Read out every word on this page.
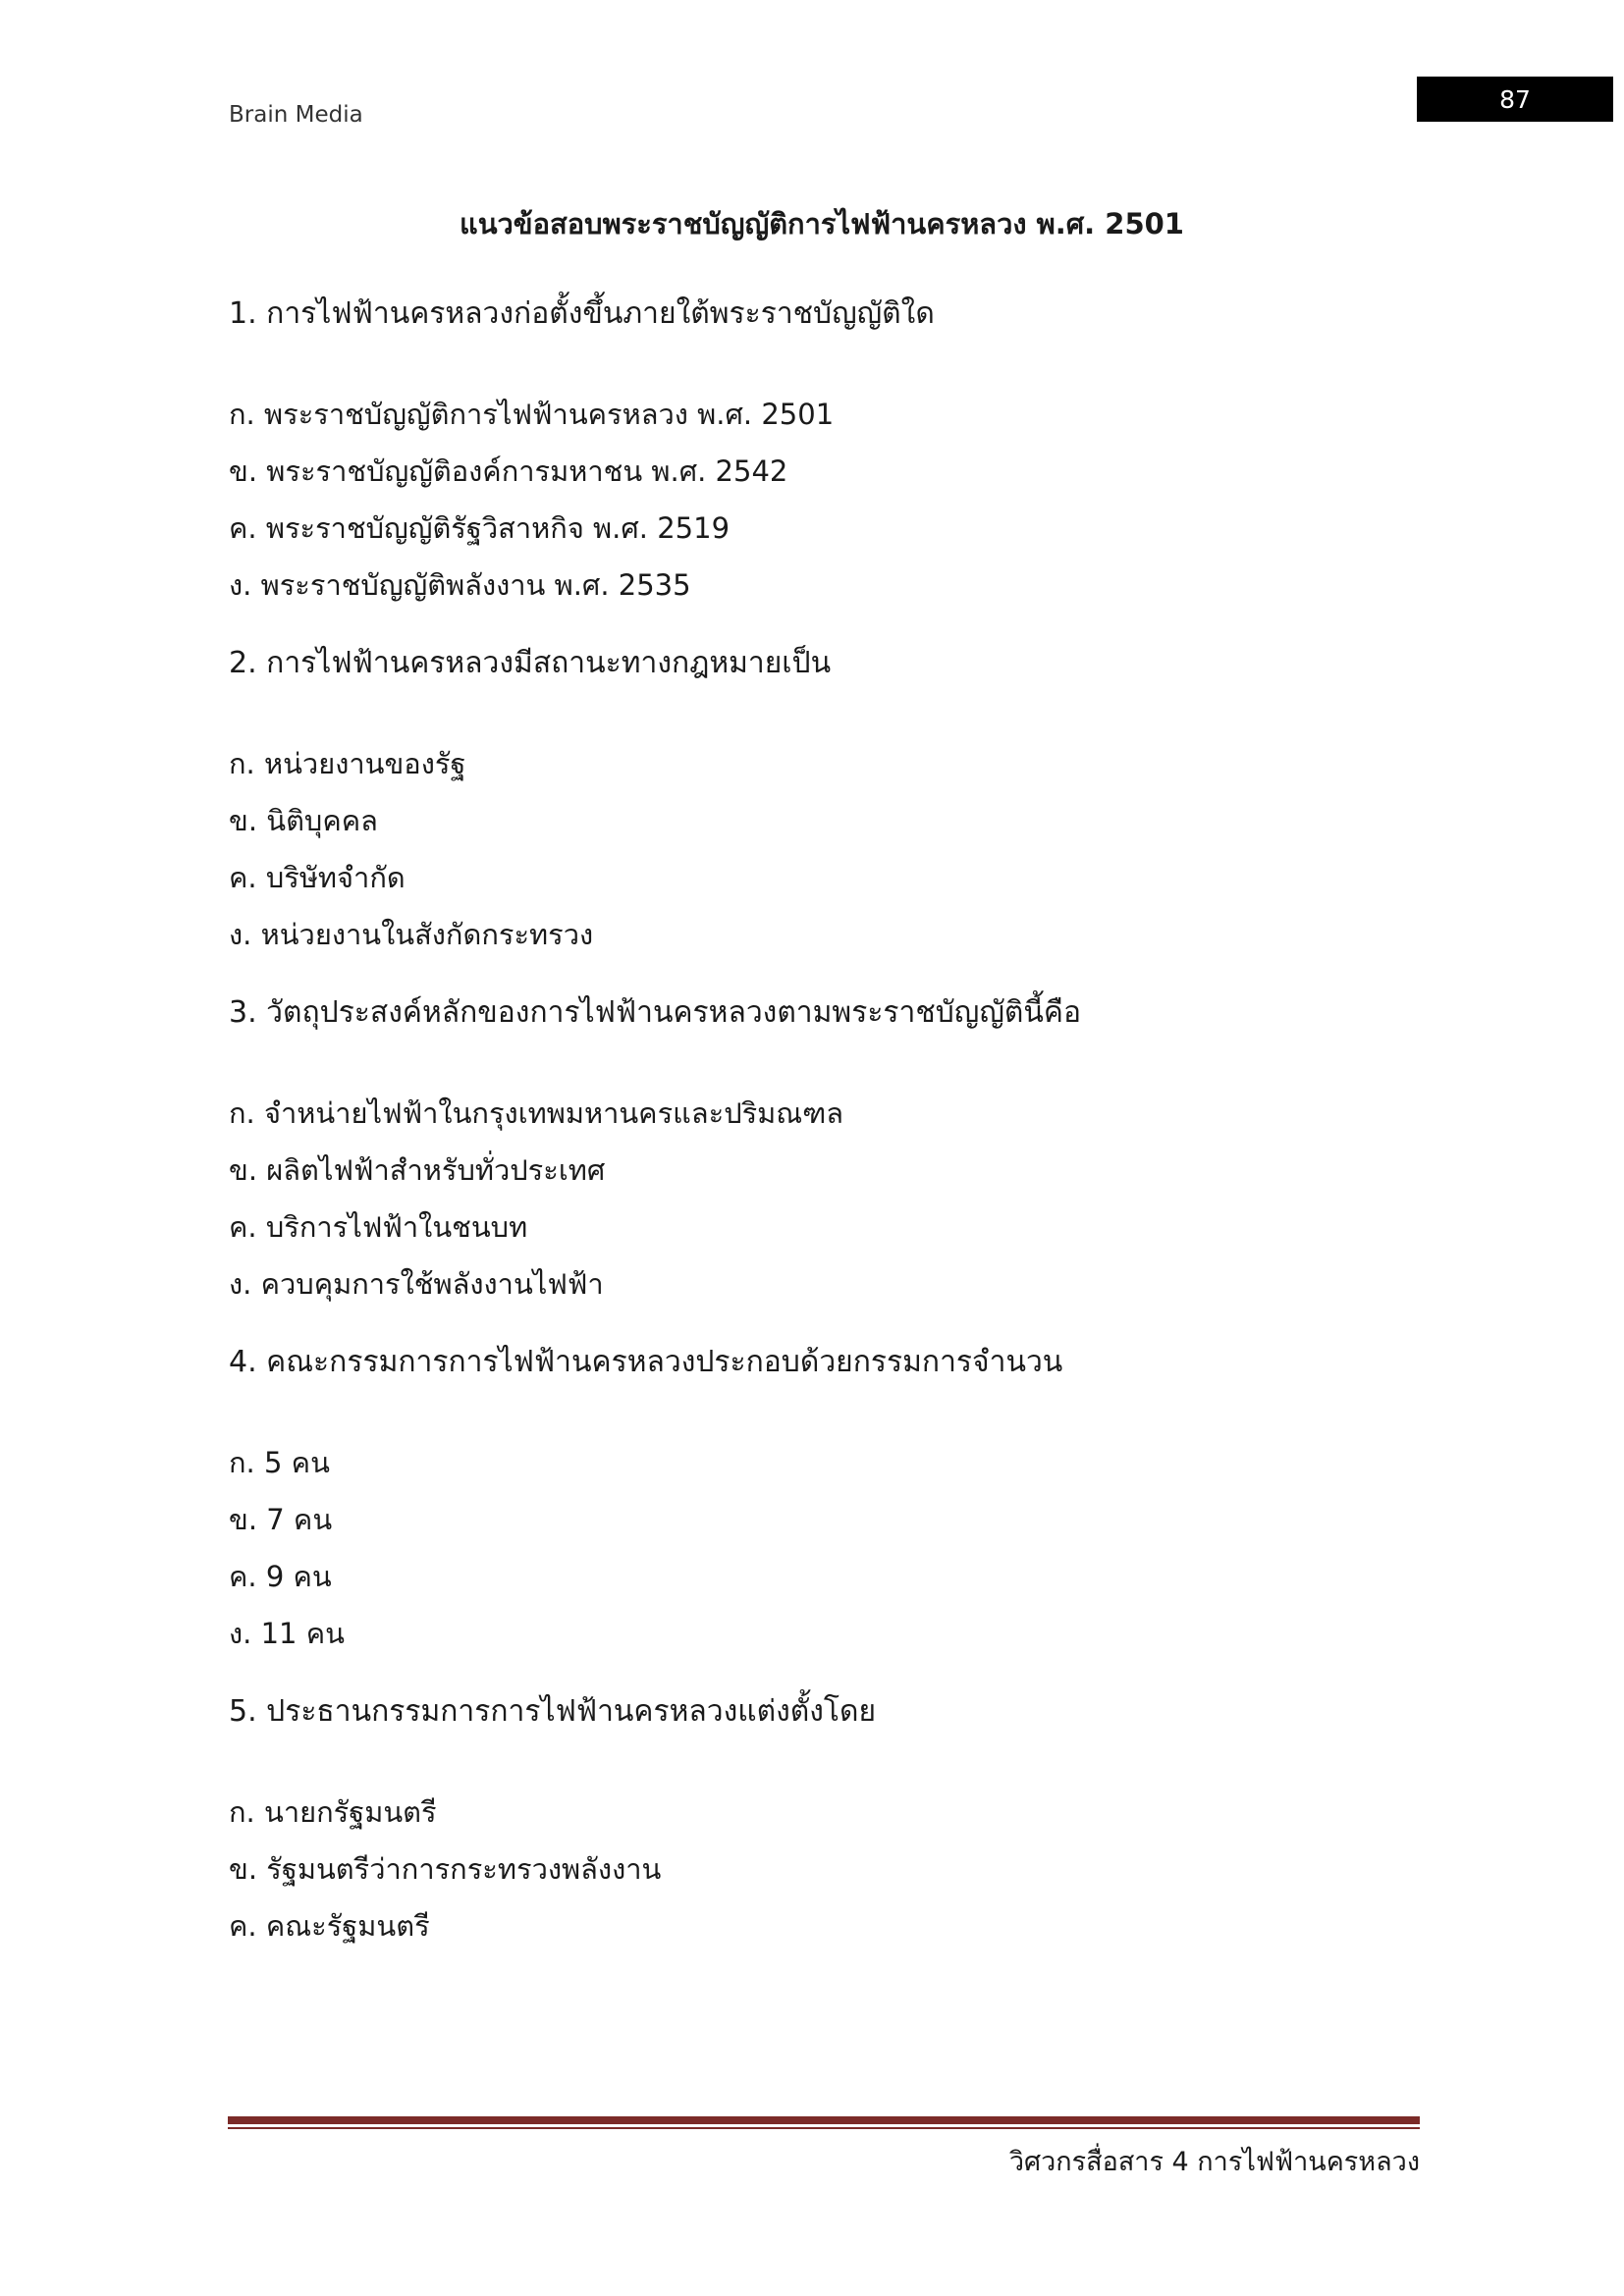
Brain Media
87
แนวข้อสอบพระราชบัญญัติการไฟฟ้านครหลวง พ.ศ. 2501

1. การไฟฟ้านครหลวงก่อตั้งขึ้นภายใต้พระราชบัญญัติใด

ก. พระราชบัญญัติการไฟฟ้านครหลวง พ.ศ. 2501
ข. พระราชบัญญัติองค์การมหาชน พ.ศ. 2542
ค. พระราชบัญญัติรัฐวิสาหกิจ พ.ศ. 2519
ง. พระราชบัญญัติพลังงาน พ.ศ. 2535

2. การไฟฟ้านครหลวงมีสถานะทางกฎหมายเป็น

ก. หน่วยงานของรัฐ
ข. นิติบุคคล
ค. บริษัทจำกัด
ง. หน่วยงานในสังกัดกระทรวง

3. วัตถุประสงค์หลักของการไฟฟ้านครหลวงตามพระราชบัญญัตินี้คือ

ก. จำหน่ายไฟฟ้าในกรุงเทพมหานครและปริมณฑล
ข. ผลิตไฟฟ้าสำหรับทั่วประเทศ
ค. บริการไฟฟ้าในชนบท
ง. ควบคุมการใช้พลังงานไฟฟ้า

4. คณะกรรมการการไฟฟ้านครหลวงประกอบด้วยกรรมการจำนวน

ก. 5 คน
ข. 7 คน
ค. 9 คน
ง. 11 คน

5. ประธานกรรมการการไฟฟ้านครหลวงแต่งตั้งโดย

ก. นายกรัฐมนตรี
ข. รัฐมนตรีว่าการกระทรวงพลังงาน
ค. คณะรัฐมนตรี
วิศวกรสื่อสาร 4 การไฟฟ้านครหลวง
